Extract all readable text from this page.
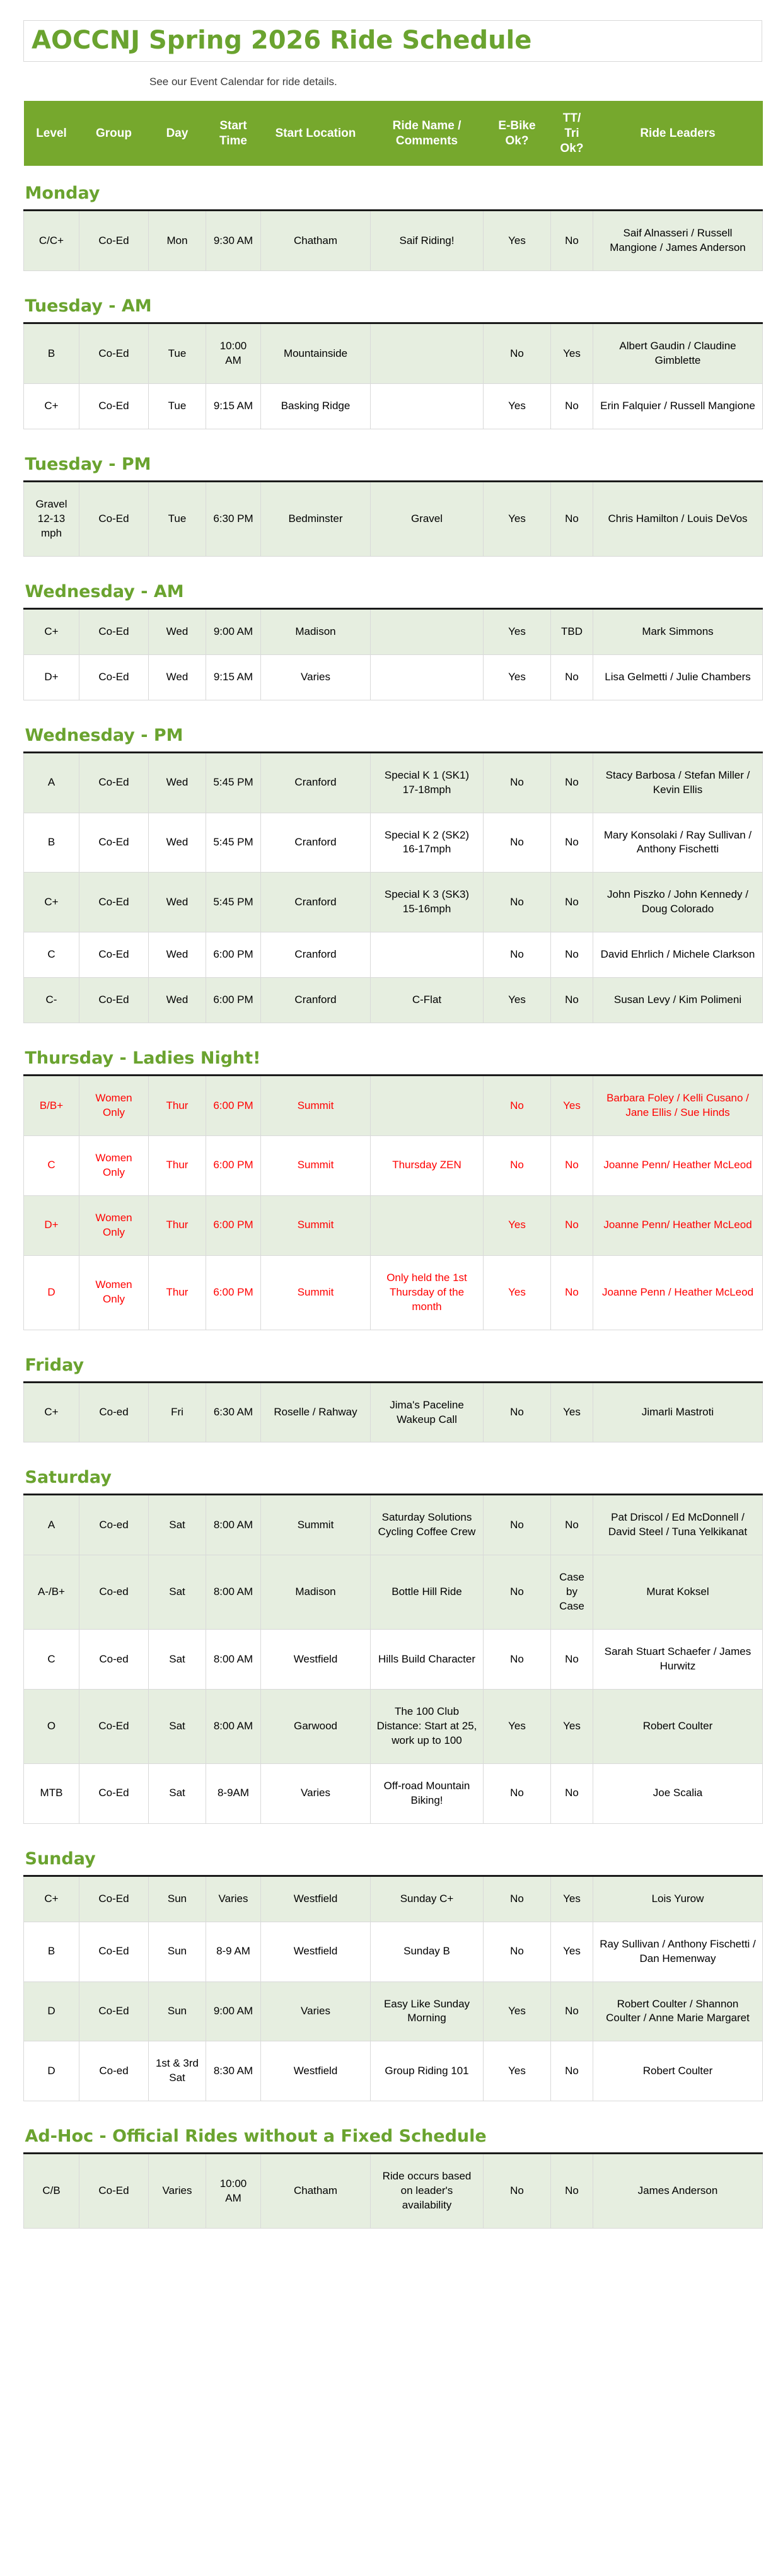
AOCCNJ Spring 2026 Ride Schedule
See our Event Calendar for ride details.
Level	Group	Day	Start Time	Start Location	Ride Name / Comments	E-Bike Ok?	TT/ Tri Ok?	Ride Leaders
Monday								
C/C+	Co-Ed	Mon	9:30 AM	Chatham	Saif Riding!	Yes	No	Saif Alnasseri / Russell Mangione / James Anderson
Tuesday - AM								
B	Co-Ed	Tue	10:00 AM	Mountainside		No	Yes	Albert Gaudin / Claudine Gimblette
C+	Co-Ed	Tue	9:15 AM	Basking Ridge		Yes	No	Erin Falquier / Russell Mangione
Tuesday - PM								
Gravel 12-13 mph	Co-Ed	Tue	6:30 PM	Bedminster	Gravel	Yes	No	Chris Hamilton / Louis DeVos
Wednesday - AM								
C+	Co-Ed	Wed	9:00 AM	Madison		Yes	TBD	Mark Simmons
D+	Co-Ed	Wed	9:15 AM	Varies		Yes	No	Lisa Gelmetti / Julie Chambers
Wednesday - PM								
A	Co-Ed	Wed	5:45 PM	Cranford	Special K 1 (SK1) 17-18mph	No	No	Stacy Barbosa / Stefan Miller / Kevin Ellis
B	Co-Ed	Wed	5:45 PM	Cranford	Special K 2 (SK2) 16-17mph	No	No	Mary Konsolaki / Ray Sullivan / Anthony Fischetti
C+	Co-Ed	Wed	5:45 PM	Cranford	Special K 3 (SK3) 15-16mph	No	No	John Piszko / John Kennedy / Doug Colorado
C	Co-Ed	Wed	6:00 PM	Cranford		No	No	David Ehrlich / Michele Clarkson
C-	Co-Ed	Wed	6:00 PM	Cranford	C-Flat	Yes	No	Susan Levy / Kim Polimeni
Thursday - Ladies Night!								
B/B+	Women Only	Thur	6:00 PM	Summit		No	Yes	Barbara Foley / Kelli Cusano / Jane Ellis / Sue Hinds
C	Women Only	Thur	6:00 PM	Summit	Thursday ZEN	No	No	Joanne Penn/ Heather McLeod
D+	Women Only	Thur	6:00 PM	Summit		Yes	No	Joanne Penn/ Heather McLeod
D	Women Only	Thur	6:00 PM	Summit	Only held the 1st Thursday of the month	Yes	No	Joanne Penn / Heather McLeod
Friday								
C+	Co-ed	Fri	6:30 AM	Roselle / Rahway	Jima's Paceline Wakeup Call	No	Yes	Jimarli Mastroti
Saturday								
A	Co-ed	Sat	8:00 AM	Summit	Saturday Solutions Cycling Coffee Crew	No	No	Pat Driscol / Ed McDonnell / David Steel / Tuna Yelkikanat
A-/B+	Co-ed	Sat	8:00 AM	Madison	Bottle Hill Ride	No	Case by Case	Murat Koksel
C	Co-ed	Sat	8:00 AM	Westfield	Hills Build Character	No	No	Sarah Stuart Schaefer / James Hurwitz
O	Co-Ed	Sat	8:00 AM	Garwood	The 100 Club Distance: Start at 25, work up to 100	Yes	Yes	Robert Coulter
MTB	Co-Ed	Sat	8-9AM	Varies	Off-road Mountain Biking!	No	No	Joe Scalia
Sunday								
C+	Co-Ed	Sun	Varies	Westfield	Sunday C+	No	Yes	Lois Yurow
B	Co-Ed	Sun	8-9 AM	Westfield	Sunday B	No	Yes	Ray Sullivan / Anthony Fischetti / Dan Hemenway
D	Co-Ed	Sun	9:00 AM	Varies	Easy Like Sunday Morning	Yes	No	Robert Coulter / Shannon Coulter / Anne Marie Margaret
D	Co-ed	1st & 3rd Sat	8:30 AM	Westfield	Group Riding 101	Yes	No	Robert Coulter
Ad-Hoc - Official Rides without a Fixed Schedule								
C/B	Co-Ed	Varies	10:00 AM	Chatham	Ride occurs based on leader's availability	No	No	James Anderson
